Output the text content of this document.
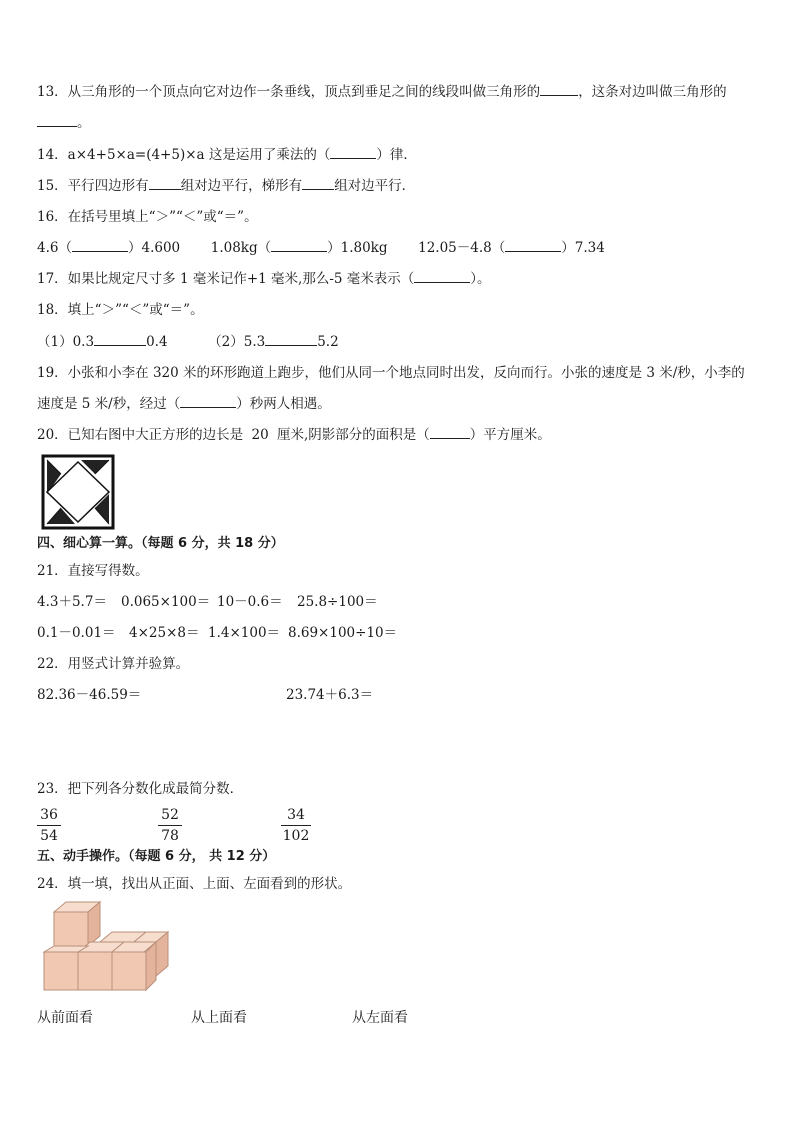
13．从三角形的一个顶点向它对边作一条垂线，顶点到垂足之间的线段叫做三角形的	，这条对边叫做三角形的
。
14．a×4+5×a=(4+5)×a 这是运用了乘法的（	）律．
15．平行四边形有 组对边平行，梯形有 组对边平行．
16．在括号里填上“＞”“＜”或“＝”。
4.6（	）4.600 1.08kg（	）1.80kg 12.05－4.8（	）7.34
17．如果比规定尺寸多 1 毫米记作+1 毫米,那么-5 毫米表示（	）。
18．填上“＞”“＜”或“＝”。
（1）0.3	0.4	（2）5.3	5.2
19．小张和小李在 320 米的环形跑道上跑步，他们从同一个地点同时出发，反向而行。小张的速度是 3 米/秒，小李的
速度是 5 米/秒，经过（	）秒两人相遇。
20．已知右图中大正方形的边长是 20 厘米,阴影部分的面积是（	）平方厘米。
四、细心算一算。（每题 6 分，共 18 分）
21．直接写得数。
4.3＋5.7＝ 0.065×100＝ 10－0.6＝ 25.8÷100＝
0.1－0.01＝ 4×25×8＝ 1.4×100＝ 8.69×100÷10＝
22．用竖式计算并验算。
82.36－46.59＝	23.74＋6.3＝
23．把下列各分数化成最简分数．
36
54
52
78
34
102
五、动手操作。（每题 6 分， 共 12 分）
24．填一填，找出从正面、上面、左面看到的形状。
从前面看	从上面看	从左面看
